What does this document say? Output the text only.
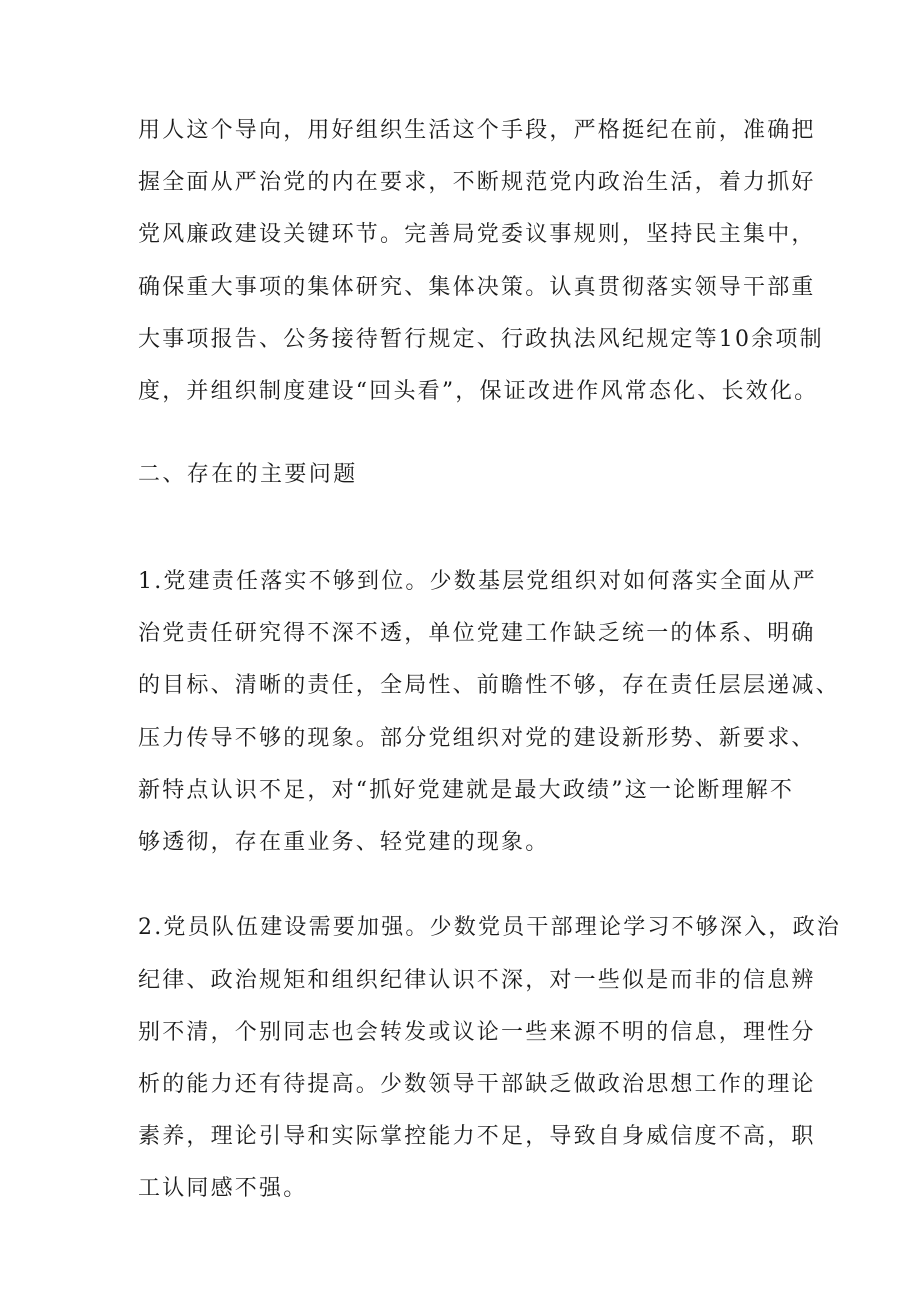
用人这个导向，用好组织生活这个手段，严格挺纪在前，准确把

握全面从严治党的内在要求，不断规范党内政治生活，着力抓好

党风廉政建设关键环节。完善局党委议事规则，坚持民主集中，

确保重大事项的集体研究、集体决策。认真贯彻落实领导干部重

大事项报告、公务接待暂行规定、行政执法风纪规定等10余项制

度，并组织制度建设“回头看”，保证改进作风常态化、长效化。

二、存在的主要问题

1.党建责任落实不够到位。少数基层党组织对如何落实全面从严

治党责任研究得不深不透，单位党建工作缺乏统一的体系、明确

的目标、清晰的责任，全局性、前瞻性不够，存在责任层层递减、

压力传导不够的现象。部分党组织对党的建设新形势、新要求、

新特点认识不足，对“抓好党建就是最大政绩”这一论断理解不

够透彻，存在重业务、轻党建的现象。

2.党员队伍建设需要加强。少数党员干部理论学习不够深入，政治

纪律、政治规矩和组织纪律认识不深，对一些似是而非的信息辨

别不清，个别同志也会转发或议论一些来源不明的信息，理性分

析的能力还有待提高。少数领导干部缺乏做政治思想工作的理论

素养，理论引导和实际掌控能力不足，导致自身威信度不高，职

工认同感不强。
